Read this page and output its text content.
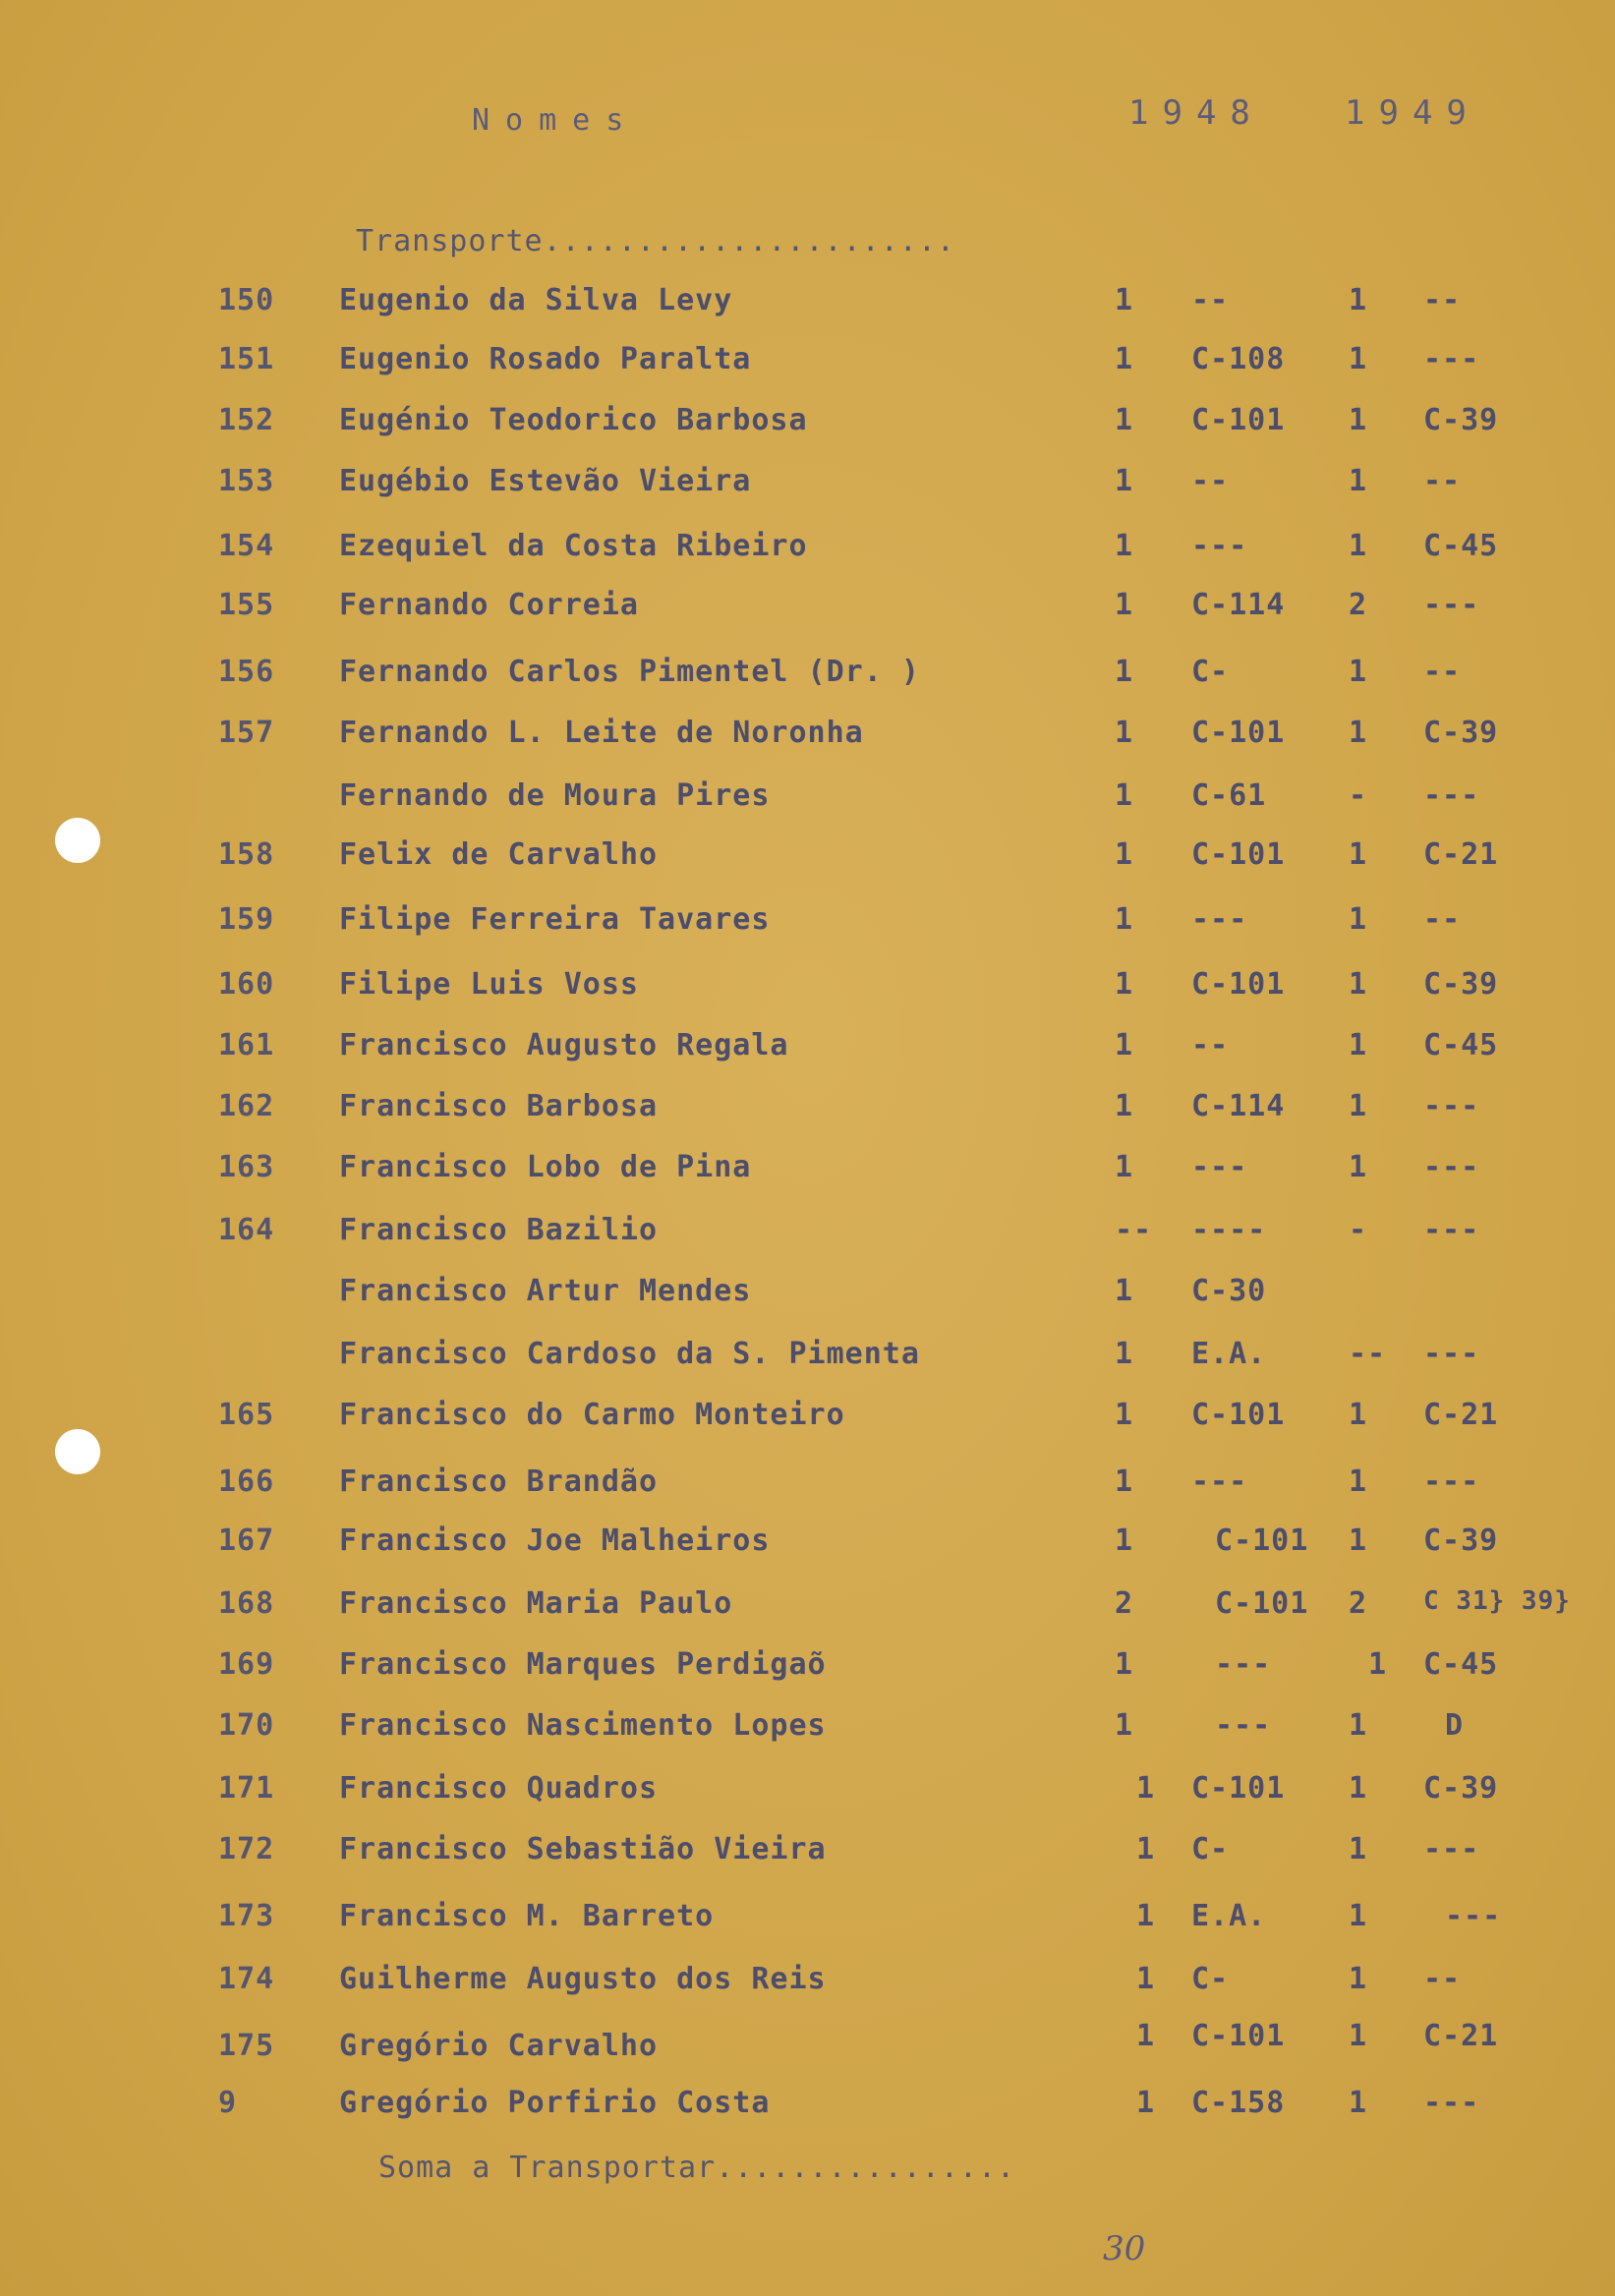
Nomes	1948 1949
Transporte......................
150 Eugenio da Silva Levy	1 --	1 --
151 Eugenio Rosado Paralta	1 C-108 1 ---
152 Eugénio Teodorico Barbosa	1 C-101 1 C-39
153 Eugébio Estevão Vieira	1 --	1 --
154 Ezequiel da Costa Ribeiro	1 ---	1 C-45
155 Fernando Correia	1 C-114 2 ---
156 Fernando Carlos Pimentel (Dr. )	1 C-	1 --
157 Fernando L. Leite de Noronha	1 C-101 1 C-39
Fernando de Moura Pires	1 C-61	- ---
158 Felix de Carvalho	1 C-101 1 C-21
159 Filipe Ferreira Tavares	1 ---	1 --
160 Filipe Luis Voss	1 C-101 1 C-39
161 Francisco Augusto Regala	1 --	1 C-45
162 Francisco Barbosa	1 C-114 1 ---
163 Francisco Lobo de Pina	1 ---	1 ---
164 Francisco Bazilio	-- ----	- ---
Francisco Artur Mendes	1 C-30
Francisco Cardoso da S. Pimenta	1 E.A.	-- ---
165 Francisco do Carmo Monteiro	1 C-101 1 C-21
166 Francisco Brandão	1 ---	1 ---
167 Francisco Joe Malheiros	1	C-101 1 C-39
168 Francisco Maria Paulo	2	C-101 2 C 31} 39}
169 Francisco Marques Perdigaõ	1	---	1 C-45
170 Francisco Nascimento Lopes	1	---	1	D
171 Francisco Quadros	1 C-101 1 C-39
172 Francisco Sebastião Vieira	1 C-	1 ---
173 Francisco M. Barreto	1 E.A.	1	---
174 Guilherme Augusto dos Reis	1 C-	1 --
175 Gregório Carvalho	1 C-101 1 C-21
9	Gregório Porfirio Costa	1 C-158 1 ---
Soma a Transportar................
30
